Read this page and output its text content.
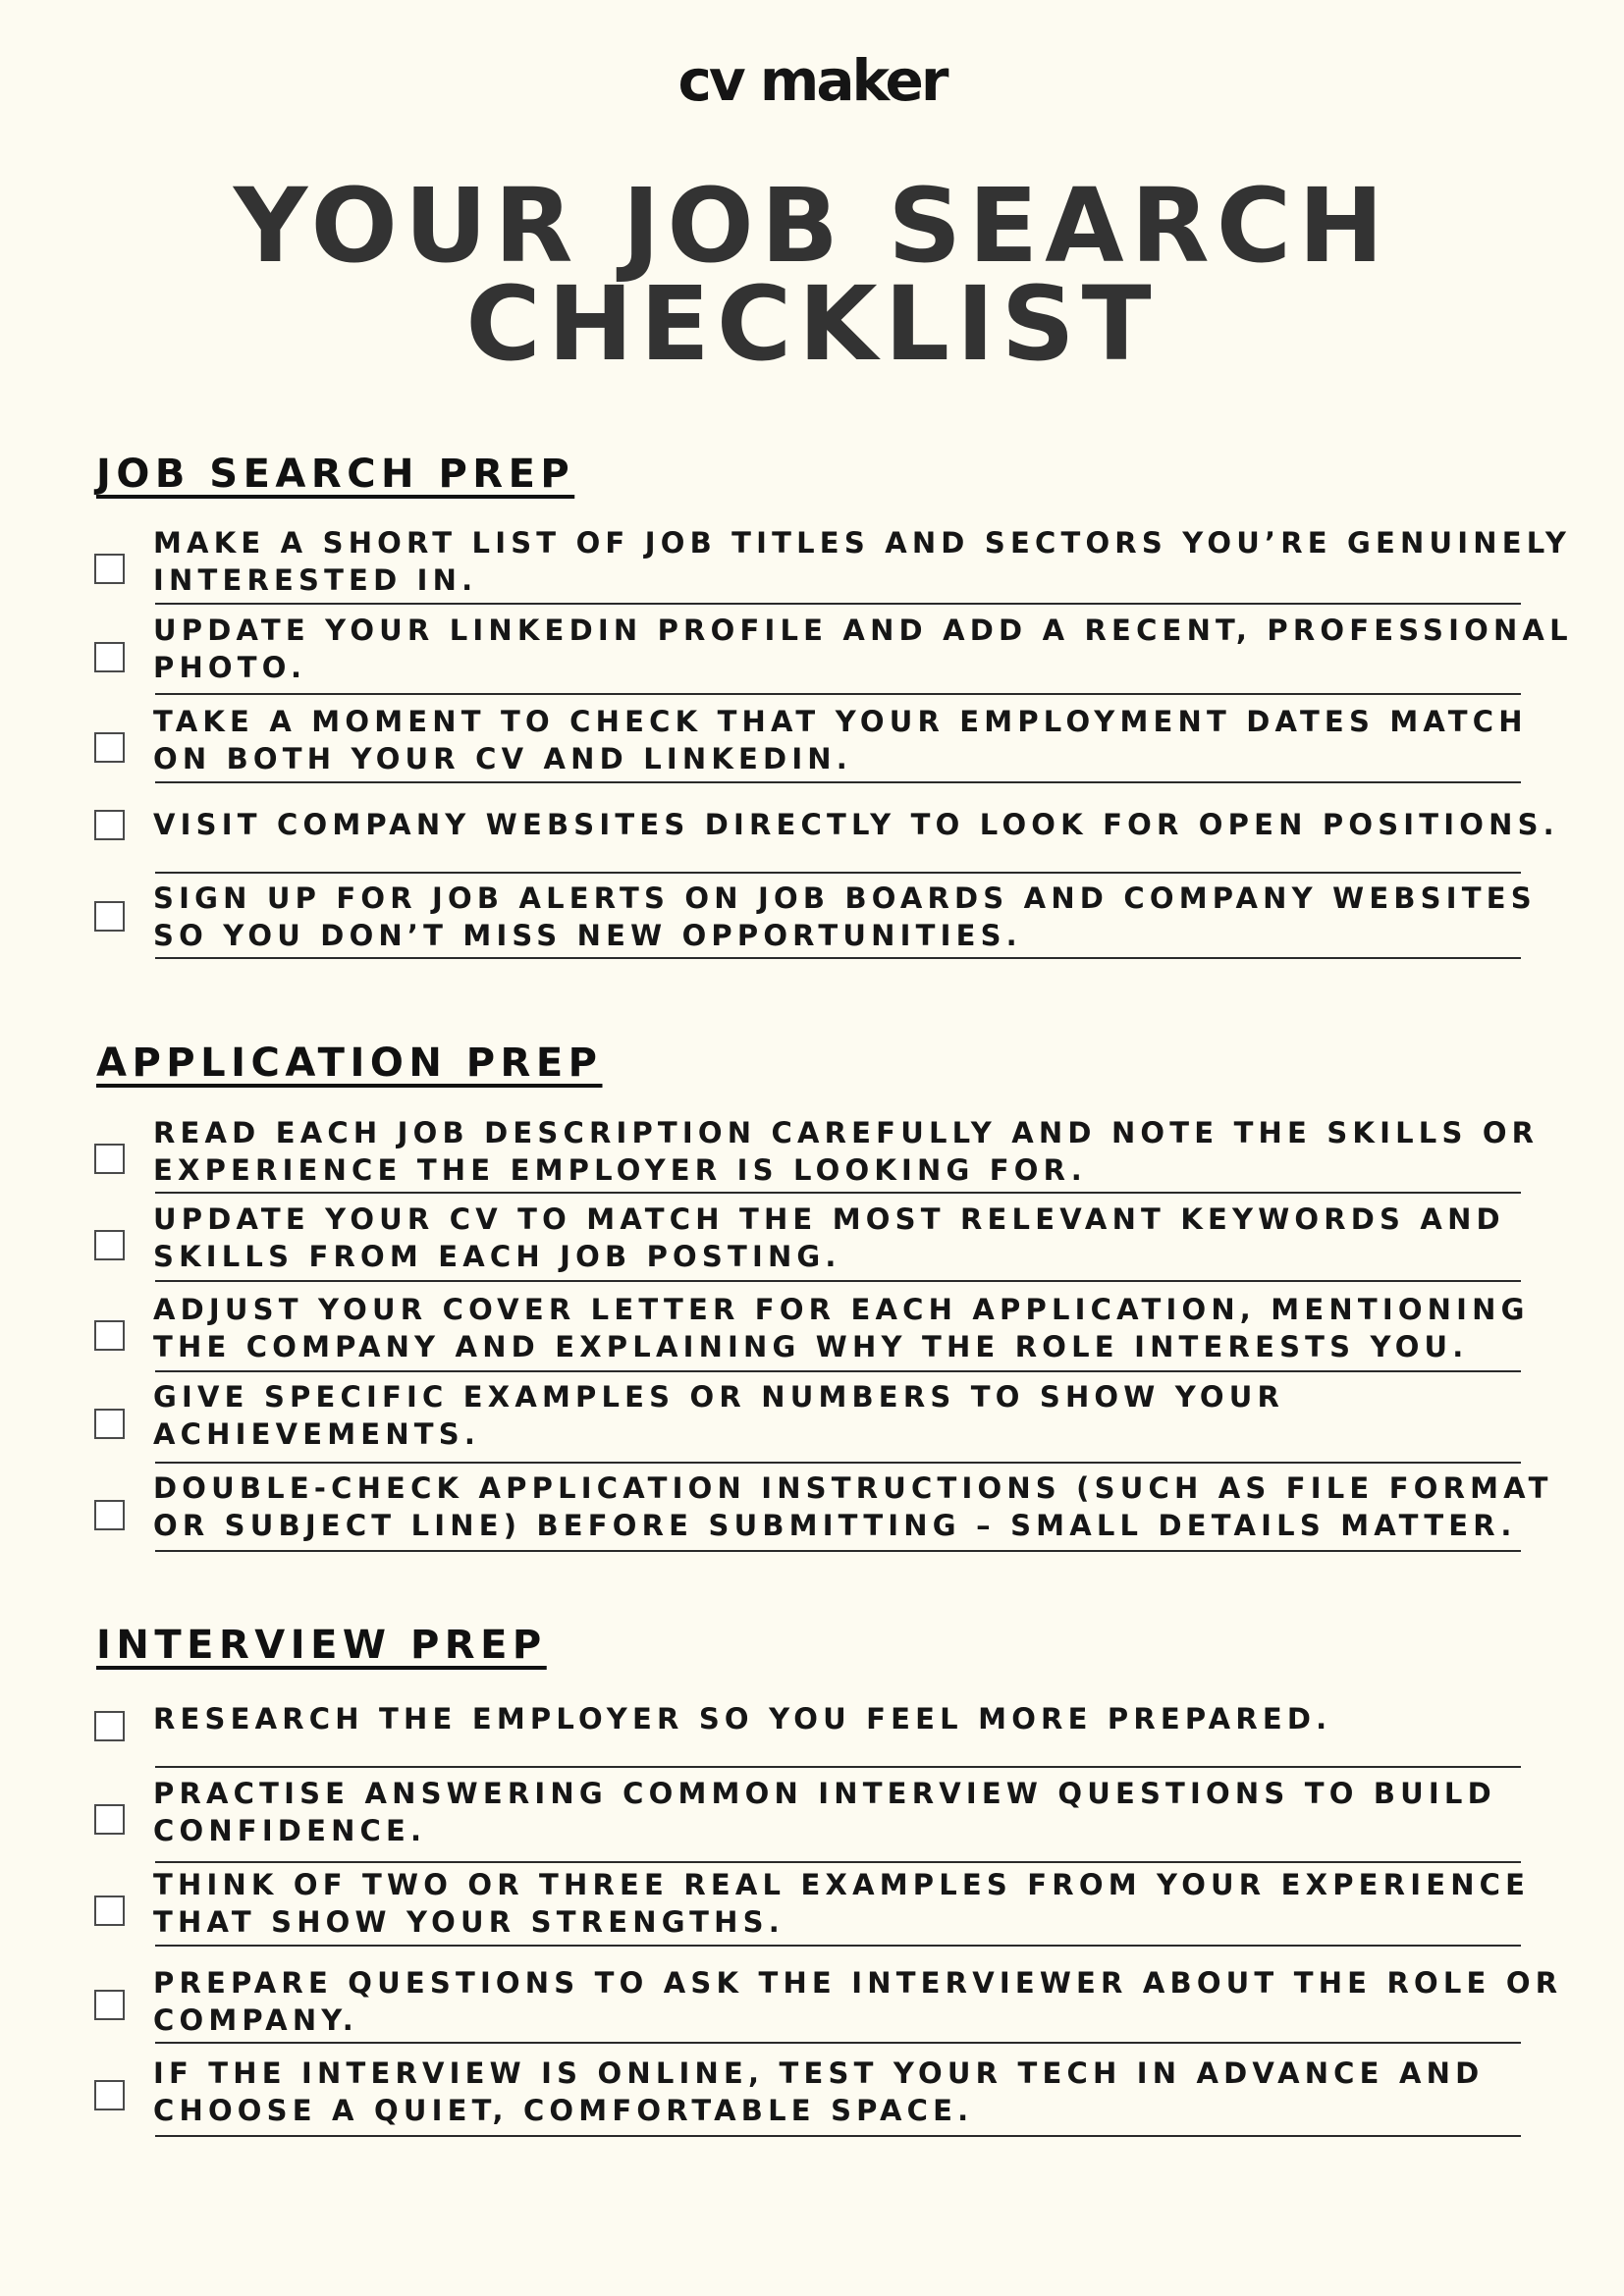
cv maker
YOUR JOB SEARCH
CHECKLIST
JOB SEARCH PREP
MAKE A SHORT LIST OF JOB TITLES AND SECTORS YOU’RE GENUINELY
INTERESTED IN.
UPDATE YOUR LINKEDIN PROFILE AND ADD A RECENT, PROFESSIONAL
PHOTO.
TAKE A MOMENT TO CHECK THAT YOUR EMPLOYMENT DATES MATCH
ON BOTH YOUR CV AND LINKEDIN.
VISIT COMPANY WEBSITES DIRECTLY TO LOOK FOR OPEN POSITIONS.
SIGN UP FOR JOB ALERTS ON JOB BOARDS AND COMPANY WEBSITES
SO YOU DON’T MISS NEW OPPORTUNITIES.
APPLICATION PREP
READ EACH JOB DESCRIPTION CAREFULLY AND NOTE THE SKILLS OR
EXPERIENCE THE EMPLOYER IS LOOKING FOR.
UPDATE YOUR CV TO MATCH THE MOST RELEVANT KEYWORDS AND
SKILLS FROM EACH JOB POSTING.
ADJUST YOUR COVER LETTER FOR EACH APPLICATION, MENTIONING
THE COMPANY AND EXPLAINING WHY THE ROLE INTERESTS YOU.
GIVE SPECIFIC EXAMPLES OR NUMBERS TO SHOW YOUR
ACHIEVEMENTS.
DOUBLE-CHECK APPLICATION INSTRUCTIONS (SUCH AS FILE FORMAT
OR SUBJECT LINE) BEFORE SUBMITTING – SMALL DETAILS MATTER.
INTERVIEW PREP
RESEARCH THE EMPLOYER SO YOU FEEL MORE PREPARED.
PRACTISE ANSWERING COMMON INTERVIEW QUESTIONS TO BUILD
CONFIDENCE.
THINK OF TWO OR THREE REAL EXAMPLES FROM YOUR EXPERIENCE
THAT SHOW YOUR STRENGTHS.
PREPARE QUESTIONS TO ASK THE INTERVIEWER ABOUT THE ROLE OR
COMPANY.
IF THE INTERVIEW IS ONLINE, TEST YOUR TECH IN ADVANCE AND
CHOOSE A QUIET, COMFORTABLE SPACE.
